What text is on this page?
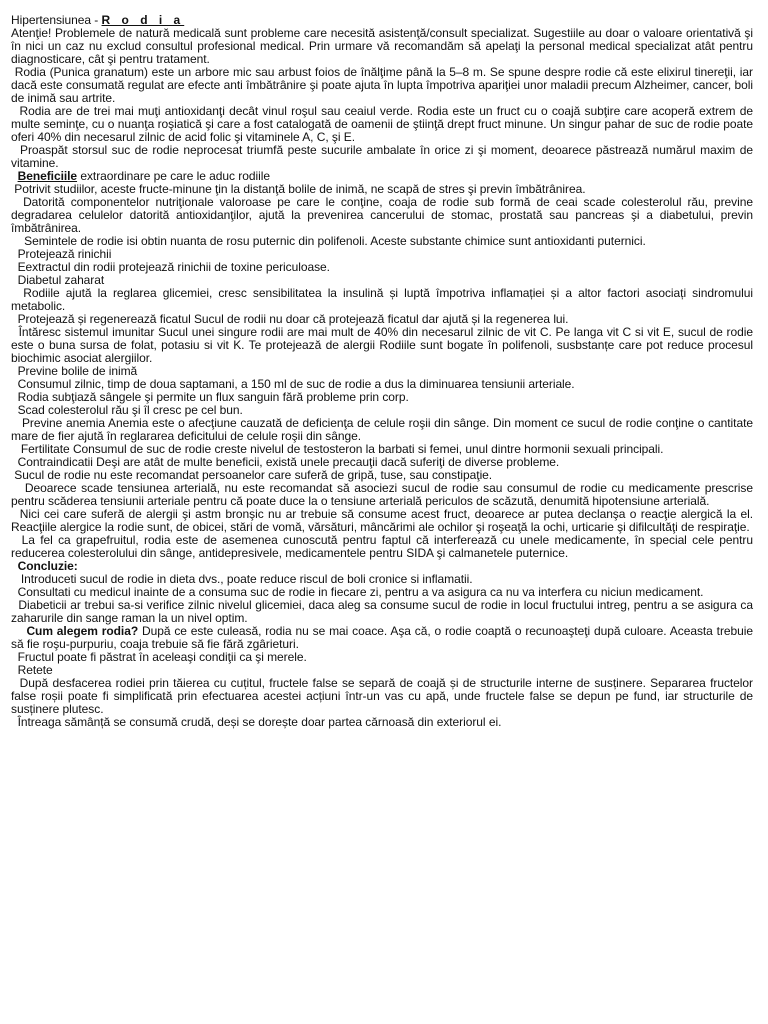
Hipertensiunea - R o d i a

Atenţie! Problemele de natură medicală sunt probleme care necesită asistenţă/consult specializat. Sugestiile au doar o valoare orientativă şi în nici un caz nu exclud consultul profesional medical. Prin urmare vă recomandăm să apelaţi la personal medical specializat atât pentru diagnosticare, cât şi pentru tratament.

Rodia (Punica granatum) este un arbore mic sau arbust foios de înălţime până la 5–8 m. Se spune despre rodie că este elixirul tinereţii, iar dacă este consumată regulat are efecte anti îmbătrânire şi poate ajuta în lupta împotriva apariţiei unor maladii precum Alzheimer, cancer, boli de inimă sau artrite.

Rodia are de trei mai muţi antioxidanţi decât vinul roşul sau ceaiul verde. Rodia este un fruct cu o coajă subţire care acoperă extrem de multe seminţe, cu o nuanţa roşiatică şi care a fost catalogată de oamenii de ştiinţă drept fruct minune. Un singur pahar de suc de rodie poate oferi 40% din necesarul zilnic de acid folic şi vitaminele A, C, şi E.

Proaspăt storsul suc de rodie neprocesat triumfă peste sucurile ambalate în orice zi şi moment, deoarece păstrează numărul maxim de vitamine.

Beneficiile extraordinare pe care le aduc rodiile

Potrivit studiilor, aceste fructe-minune ţin la distanţă bolile de inimă, ne scapă de stres şi previn îmbătrânirea.

Datorită componentelor nutriţionale valoroase pe care le conţine, coaja de rodie sub formă de ceai scade colesterolul rău, previne degradarea celulelor datorită antioxidanţilor, ajută la prevenirea cancerului de stomac, prostată sau pancreas şi a diabetului, previn îmbătrânirea.

Semintele de rodie isi obtin nuanta de rosu puternic din polifenoli. Aceste substante chimice sunt antioxidanti puternici.

Protejează rinichii

Eextractul din rodii protejează rinichii de toxine periculoase.

Diabetul zaharat

Rodiile ajută la reglarea glicemiei, cresc sensibilitatea la insulină și luptă împotriva inflamației și a altor factori asociați sindromului metabolic.

Protejează și regenerează ficatul Sucul de rodii nu doar că protejează ficatul dar ajută și la regenerea lui.

Întăresc sistemul imunitar Sucul unei singure rodii are mai mult de 40% din necesarul zilnic de vit C. Pe langa vit C si vit E, sucul de rodie este o buna sursa de folat, potasiu si vit K. Te protejează de alergii Rodiile sunt bogate în polifenoli, susbstanțe care pot reduce procesul biochimic asociat alergiilor.

Previne bolile de inimă

Consumul zilnic, timp de doua saptamani, a 150 ml de suc de rodie a dus la diminuarea tensiunii arteriale.

Rodia subţiază sângele şi permite un flux sanguin fără probleme prin corp.

Scad colesterolul rău şi îl cresc pe cel bun.

Previne anemia Anemia este o afecţiune cauzată de deficienţa de celule roşii din sânge. Din moment ce sucul de rodie conţine o cantitate mare de fier ajută în reglararea deficitului de celule roşii din sânge.

Fertilitate Consumul de suc de rodie creste nivelul de testosteron la barbati si femei, unul dintre hormonii sexuali principali.

Contraindicatii Deşi are atât de multe beneficii, există unele precauţii dacă suferiţi de diverse probleme.

Sucul de rodie nu este recomandat persoanelor care suferă de gripă, tuse, sau constipaţie.

Deoarece scade tensiunea arterială, nu este recomandat să asociezi sucul de rodie sau consumul de rodie cu medicamente prescrise pentru scăderea tensiunii arteriale pentru că poate duce la o tensiune arterială periculos de scăzută, denumită hipotensiune arterială.

Nici cei care suferă de alergii şi astm bronşic nu ar trebuie să consume acest fruct, deoarece ar putea declanşa o reacţie alergică la el. Reacţiile alergice la rodie sunt, de obicei, stări de vomă, vărsături, mâncărimi ale ochilor şi roşeaţă la ochi, urticarie şi difilcultăţi de respiraţie.

La fel ca grapefruitul, rodia este de asemenea cunoscută pentru faptul că interferează cu unele medicamente, în special cele pentru reducerea colesterolului din sânge, antidepresivele, medicamentele pentru SIDA şi calmanetele puternice.

Concluzie:

Introduceti sucul de rodie in dieta dvs., poate reduce riscul de boli cronice si inflamatii.

Consultati cu medicul inainte de a consuma suc de rodie in fiecare zi, pentru a va asigura ca nu va interfera cu niciun medicament.

Diabeticii ar trebui sa-si verifice zilnic nivelul glicemiei, daca aleg sa consume sucul de rodie in locul fructului intreg, pentru a se asigura ca zaharurile din sange raman la un nivel optim.

Cum alegem rodia? După ce este culeasă, rodia nu se mai coace. Aşa că, o rodie coaptă o recunoaşteţi după culoare. Aceasta trebuie să fie roşu-purpuriu, coaja trebuie să fie fără zgârieturi.

Fructul poate fi păstrat în aceleaşi condiţii ca şi merele.

Retete

După desfacerea rodiei prin tăierea cu cuțitul, fructele false se separă de coajă și de structurile interne de susținere. Separarea fructelor false roșii poate fi simplificată prin efectuarea acestei acțiuni într-un vas cu apă, unde fructele false se depun pe fund, iar structurile de susținere plutesc.

Întreaga sămânță se consumă crudă, deși se dorește doar partea cărnoasă din exteriorul ei.
